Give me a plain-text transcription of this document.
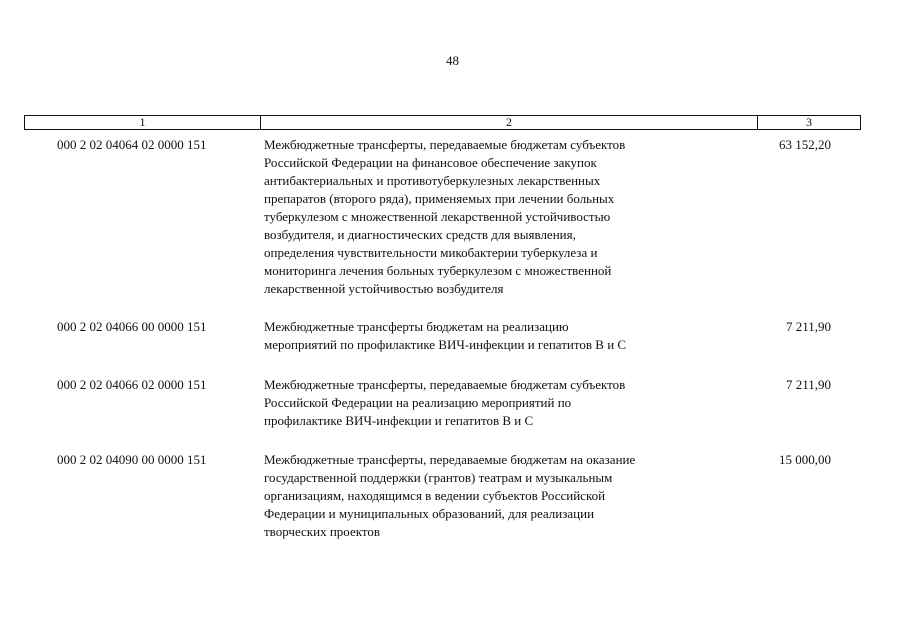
48
1	2	3
000 2 02 04064 02 0000 151	Межбюджетные трансферты, передаваемые бюджетам субъектов
Российской Федерации на финансовое обеспечение закупок
антибактериальных и противотуберкулезных лекарственных
препаратов (второго ряда), применяемых при лечении больных
туберкулезом с множественной лекарственной устойчивостью
возбудителя, и диагностических средств для выявления,
определения чувствительности микобактерии туберкулеза и
мониторинга лечения больных туберкулезом с множественной
лекарственной устойчивостью возбудителя
63 152,20
000 2 02 04066 00 0000 151	Межбюджетные трансферты бюджетам на реализацию
мероприятий по профилактике ВИЧ-инфекции и гепатитов В и С
7 211,90
000 2 02 04066 02 0000 151	Межбюджетные трансферты, передаваемые бюджетам субъектов
Российской Федерации на реализацию мероприятий по
профилактике ВИЧ-инфекции и гепатитов В и С
7 211,90
000 2 02 04090 00 0000 151	Межбюджетные трансферты, передаваемые бюджетам на оказание
государственной поддержки (грантов) театрам и музыкальным
организациям, находящимся в ведении субъектов Российской
Федерации и муниципальных образований, для реализации
творческих проектов
15 000,00
